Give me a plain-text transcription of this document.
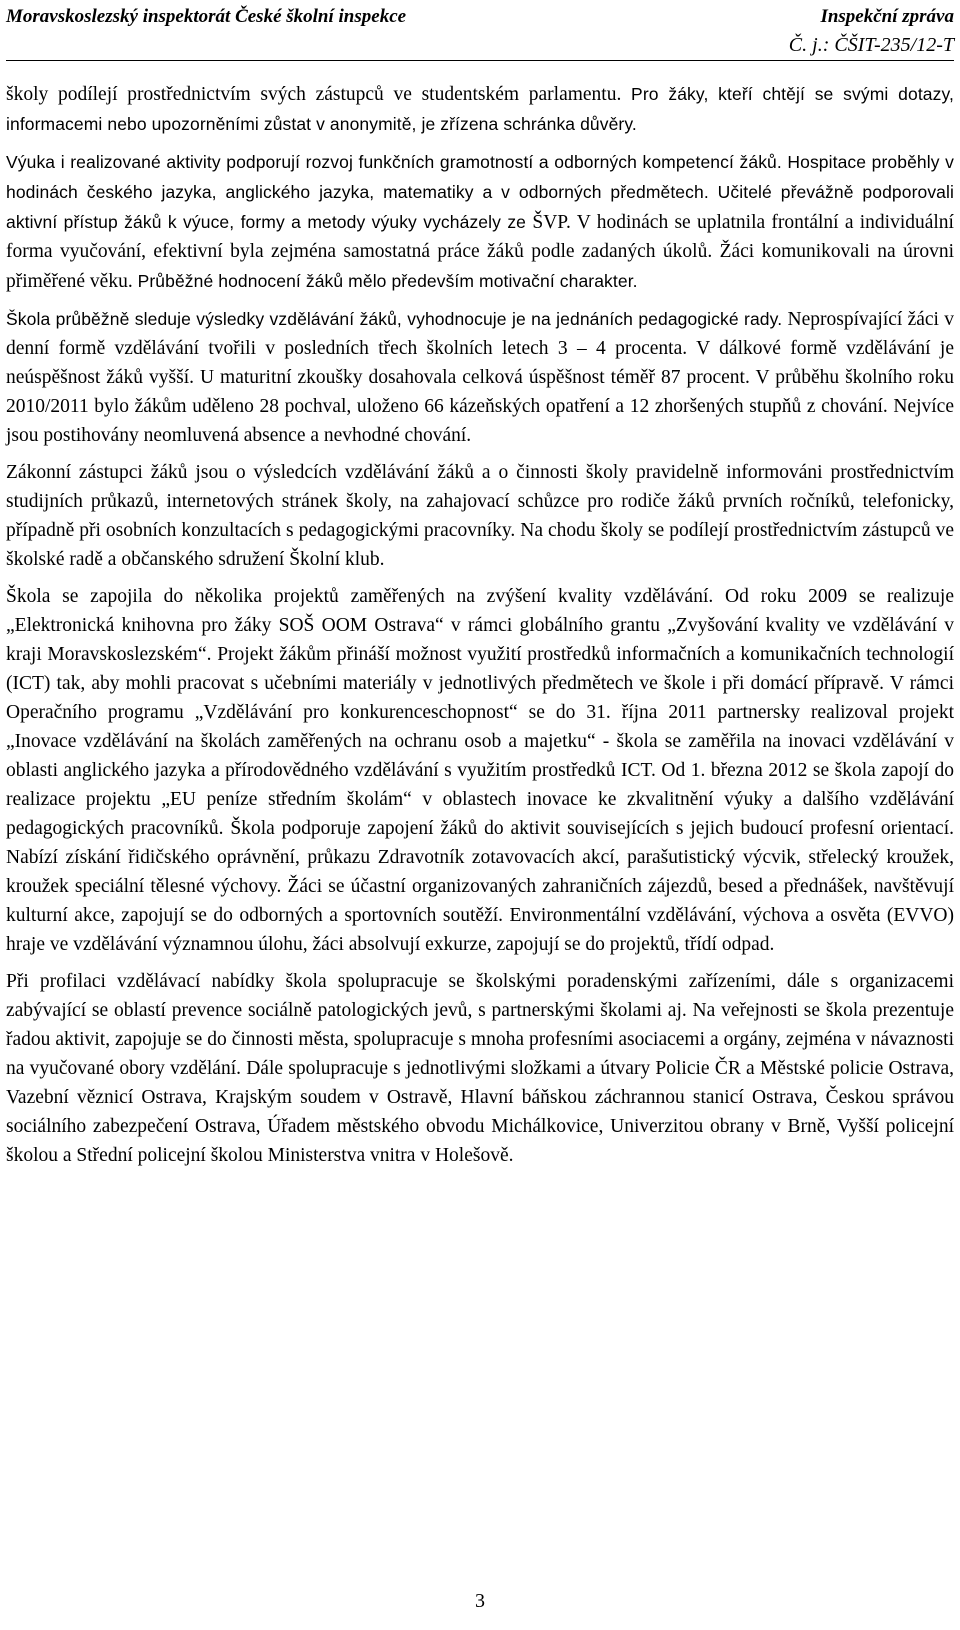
Moravskoslezský inspektorát České školní inspekce	Inspekční zpráva
Č. j.: ČŠIT-235/12-T

školy podílejí prostřednictvím svých zástupců ve studentském parlamentu. Pro žáky, kteří chtějí se svými dotazy, informacemi nebo upozorněními zůstat v anonymitě, je zřízena schránka důvěry.

Výuka i realizované aktivity podporují rozvoj funkčních gramotností a odborných kompetencí žáků. Hospitace proběhly v hodinách českého jazyka, anglického jazyka, matematiky a v odborných předmětech. Učitelé převážně podporovali aktivní přístup žáků k výuce, formy a metody výuky vycházely ze ŠVP. V hodinách se uplatnila frontální a individuální forma vyučování, efektivní byla zejména samostatná práce žáků podle zadaných úkolů. Žáci komunikovali na úrovni přiměřené věku. Průběžné hodnocení žáků mělo především motivační charakter.

Škola průběžně sleduje výsledky vzdělávání žáků, vyhodnocuje je na jednáních pedagogické rady. Neprospívající žáci v denní formě vzdělávání tvořili v posledních třech školních letech 3 – 4 procenta. V dálkové formě vzdělávání je neúspěšnost žáků vyšší. U maturitní zkoušky dosahovala celková úspěšnost téměř 87 procent. V průběhu školního roku 2010/2011 bylo žákům uděleno 28 pochval, uloženo 66 kázeňských opatření a 12 zhoršených stupňů z chování. Nejvíce jsou postihovány neomluvená absence a nevhodné chování.

Zákonní zástupci žáků jsou o výsledcích vzdělávání žáků a o činnosti školy pravidelně informováni prostřednictvím studijních průkazů, internetových stránek školy, na zahajovací schůzce pro rodiče žáků prvních ročníků, telefonicky, případně při osobních konzultacích s pedagogickými pracovníky. Na chodu školy se podílejí prostřednictvím zástupců ve školské radě a občanského sdružení Školní klub.

Škola se zapojila do několika projektů zaměřených na zvýšení kvality vzdělávání. Od roku 2009 se realizuje „Elektronická knihovna pro žáky SOŠ OOM Ostrava“ v rámci globálního grantu „Zvyšování kvality ve vzdělávání v kraji Moravskoslezském“. Projekt žákům přináší možnost využití prostředků informačních a komunikačních technologií (ICT) tak, aby mohli pracovat s učebními materiály v jednotlivých předmětech ve škole i při domácí přípravě. V rámci Operačního programu „Vzdělávání pro konkurenceschopnost“ se do 31. října 2011 partnersky realizoval projekt „Inovace vzdělávání na školách zaměřených na ochranu osob a majetku“ - škola se zaměřila na inovaci vzdělávání v oblasti anglického jazyka a přírodovědného vzdělávání s využitím prostředků ICT. Od 1. března 2012 se škola zapojí do realizace projektu „EU peníze středním školám“ v oblastech inovace ke zkvalitnění výuky a dalšího vzdělávání pedagogických pracovníků. Škola podporuje zapojení žáků do aktivit souvisejících s jejich budoucí profesní orientací. Nabízí získání řidičského oprávnění, průkazu Zdravotník zotavovacích akcí, parašutistický výcvik, střelecký kroužek, kroužek speciální tělesné výchovy. Žáci se účastní organizovaných zahraničních zájezdů, besed a přednášek, navštěvují kulturní akce, zapojují se do odborných a sportovních soutěží. Environmentální vzdělávání, výchova a osvěta (EVVO) hraje ve vzdělávání významnou úlohu, žáci absolvují exkurze, zapojují se do projektů, třídí odpad.

Při profilaci vzdělávací nabídky škola spolupracuje se školskými poradenskými zařízeními, dále s organizacemi zabývající se oblastí prevence sociálně patologických jevů, s partnerskými školami aj. Na veřejnosti se škola prezentuje řadou aktivit, zapojuje se do činnosti města, spolupracuje s mnoha profesními asociacemi a orgány, zejména v návaznosti na vyučované obory vzdělání. Dále spolupracuje s jednotlivými složkami a útvary Policie ČR a Městské policie Ostrava, Vazební věznicí Ostrava, Krajským soudem v Ostravě, Hlavní báňskou záchrannou stanicí Ostrava, Českou správou sociálního zabezpečení Ostrava, Úřadem městského obvodu Michálkovice, Univerzitou obrany v Brně, Vyšší policejní školou a Střední policejní školou Ministerstva vnitra v Holešově.

3
